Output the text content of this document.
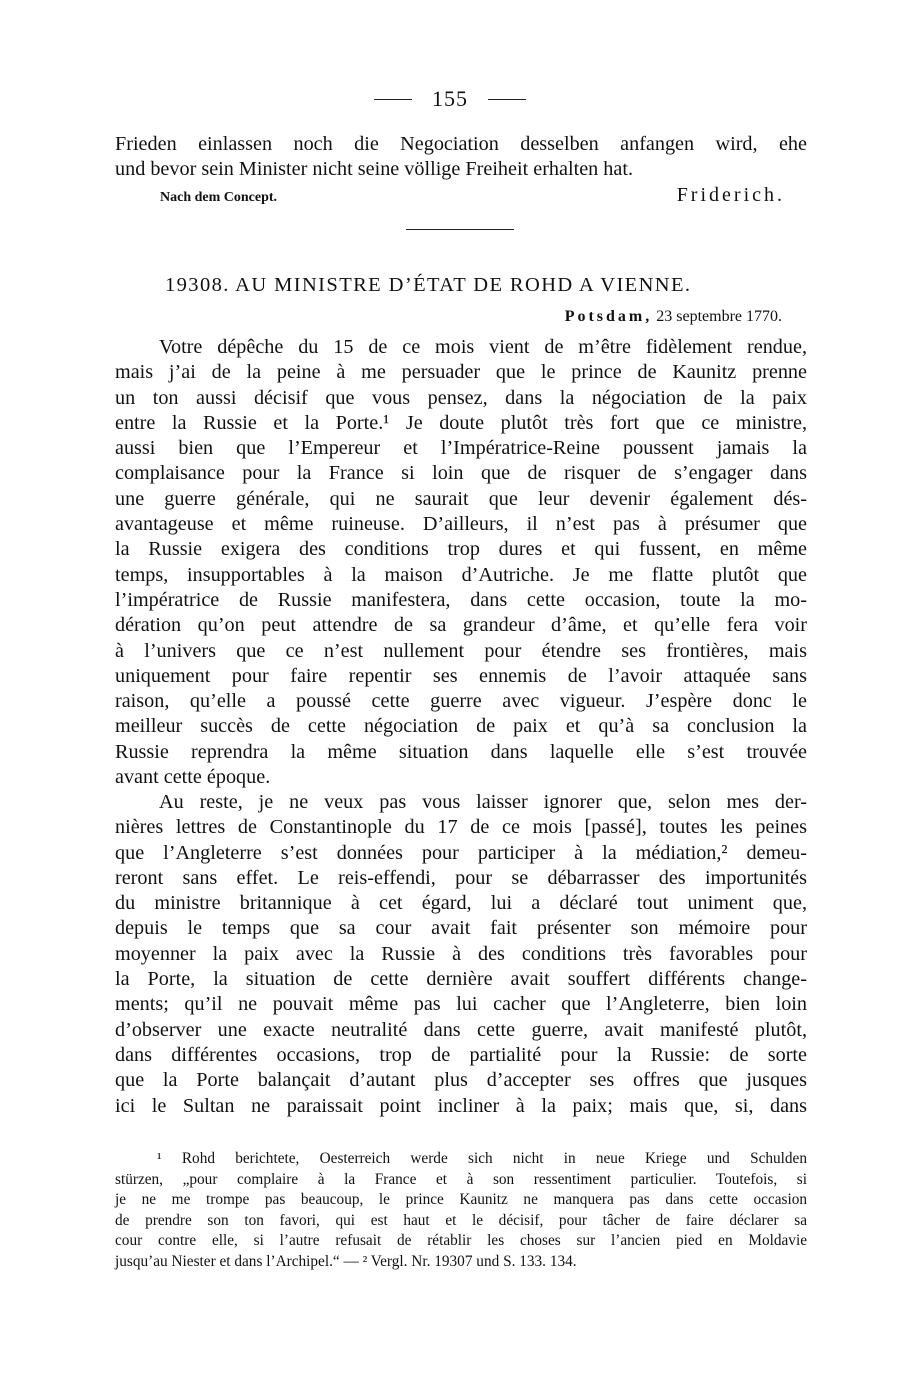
155
Frieden einlassen noch die Negociation desselben anfangen wird, ehe
und bevor sein Minister nicht seine völlige Freiheit erhalten hat.
Nach dem Concept.	Friderich.
19308. AU MINISTRE D’ÉTAT DE ROHD A VIENNE.
Potsdam, 23 septembre 1770.
Votre dépêche du 15 de ce mois vient de m’être fidèlement rendue,
mais j’ai de la peine à me persuader que le prince de Kaunitz prenne
un ton aussi décisif que vous pensez, dans la négociation de la paix
entre la Russie et la Porte.¹ Je doute plutôt très fort que ce ministre,
aussi bien que l’Empereur et l’Impératrice-Reine poussent jamais la
complaisance pour la France si loin que de risquer de s’engager dans
une guerre générale, qui ne saurait que leur devenir également dés-
avantageuse et même ruineuse. D’ailleurs, il n’est pas à présumer que
la Russie exigera des conditions trop dures et qui fussent, en même
temps, insupportables à la maison d’Autriche. Je me flatte plutôt que
l’impératrice de Russie manifestera, dans cette occasion, toute la mo-
dération qu’on peut attendre de sa grandeur d’âme, et qu’elle fera voir
à l’univers que ce n’est nullement pour étendre ses frontières, mais
uniquement pour faire repentir ses ennemis de l’avoir attaquée sans
raison, qu’elle a poussé cette guerre avec vigueur. J’espère donc le
meilleur succès de cette négociation de paix et qu’à sa conclusion la
Russie reprendra la même situation dans laquelle elle s’est trouvée
avant cette époque.
Au reste, je ne veux pas vous laisser ignorer que, selon mes der-
nières lettres de Constantinople du 17 de ce mois [passé], toutes les peines
que l’Angleterre s’est données pour participer à la médiation,² demeu-
reront sans effet. Le reis-effendi, pour se débarrasser des importunités
du ministre britannique à cet égard, lui a déclaré tout uniment que,
depuis le temps que sa cour avait fait présenter son mémoire pour
moyenner la paix avec la Russie à des conditions très favorables pour
la Porte, la situation de cette dernière avait souffert différents change-
ments; qu’il ne pouvait même pas lui cacher que l’Angleterre, bien loin
d’observer une exacte neutralité dans cette guerre, avait manifesté plutôt,
dans différentes occasions, trop de partialité pour la Russie: de sorte
que la Porte balançait d’autant plus d’accepter ses offres que jusques
ici le Sultan ne paraissait point incliner à la paix; mais que, si, dans
¹ Rohd berichtete, Oesterreich werde sich nicht in neue Kriege und Schulden
stürzen, „pour complaire à la France et à son ressentiment particulier. Toutefois, si
je ne me trompe pas beaucoup, le prince Kaunitz ne manquera pas dans cette occasion
de prendre son ton favori, qui est haut et le décisif, pour tâcher de faire déclarer sa
cour contre elle, si l’autre refusait de rétablir les choses sur l’ancien pied en Moldavie
jusqu’au Niester et dans l’Archipel.“ — ² Vergl. Nr. 19307 und S. 133. 134.
